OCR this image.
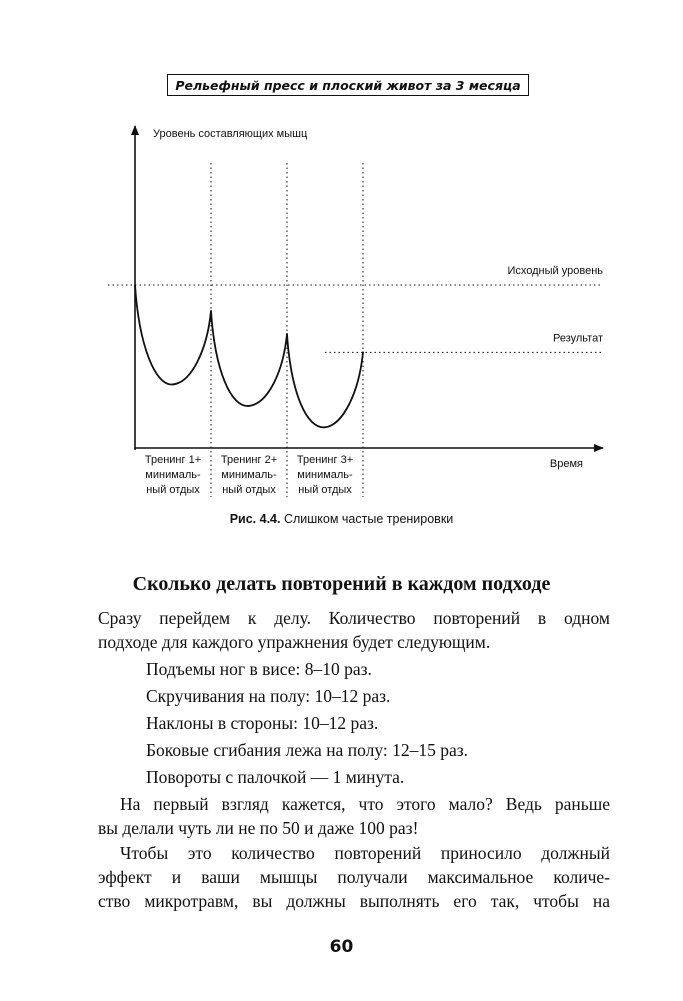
Рельефный пресс и плоский живот за 3 месяца
Уровень составляющих мышц
Время
Исходный уровень
Результат
Тренинг 1+
минималь-
ный отдых
Тренинг 2+
минималь-
ный отдых
Тренинг 3+
минималь-
ный отдых
Рис. 4.4. Слишком частые тренировки
Сколько делать повторений в каждом подходе
Сразу перейдем к делу. Количество повторений в одном
подходе для каждого упражнения будет следующим.
Подъемы ног в висе: 8–10 раз.
Скручивания на полу: 10–12 раз.
Наклоны в стороны: 10–12 раз.
Боковые сгибания лежа на полу: 12–15 раз.
Повороты с палочкой — 1 минута.
На первый взгляд кажется, что этого мало? Ведь раньше
вы делали чуть ли не по 50 и даже 100 раз!
Чтобы это количество повторений приносило должный
эффект и ваши мышцы получали максимальное количе-
ство микротравм, вы должны выполнять его так, чтобы на
60
